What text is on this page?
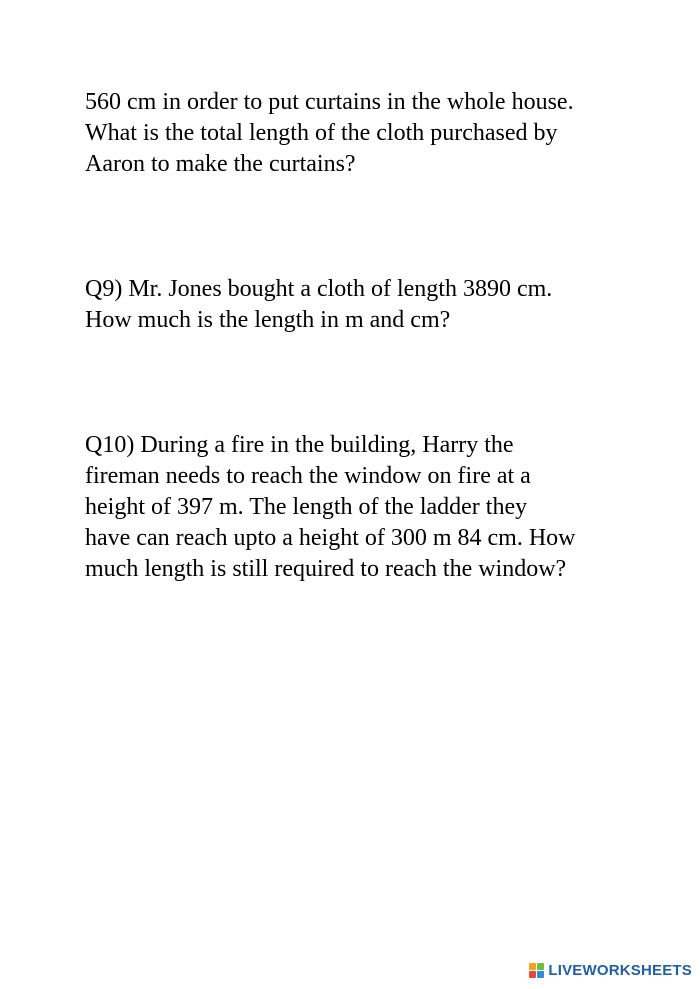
560 cm in order to put curtains in the whole house.
What is the total length of the cloth purchased by
Aaron to make the curtains?

Q9) Mr. Jones bought a cloth of length 3890 cm.
How much is the length in m and cm?

Q10) During a fire in the building, Harry the
fireman needs to reach the window on fire at a
height of 397 m. The length of the ladder they
have can reach upto a height of 300 m 84 cm. How
much length is still required to reach the window?

LIVEWORKSHEETS
